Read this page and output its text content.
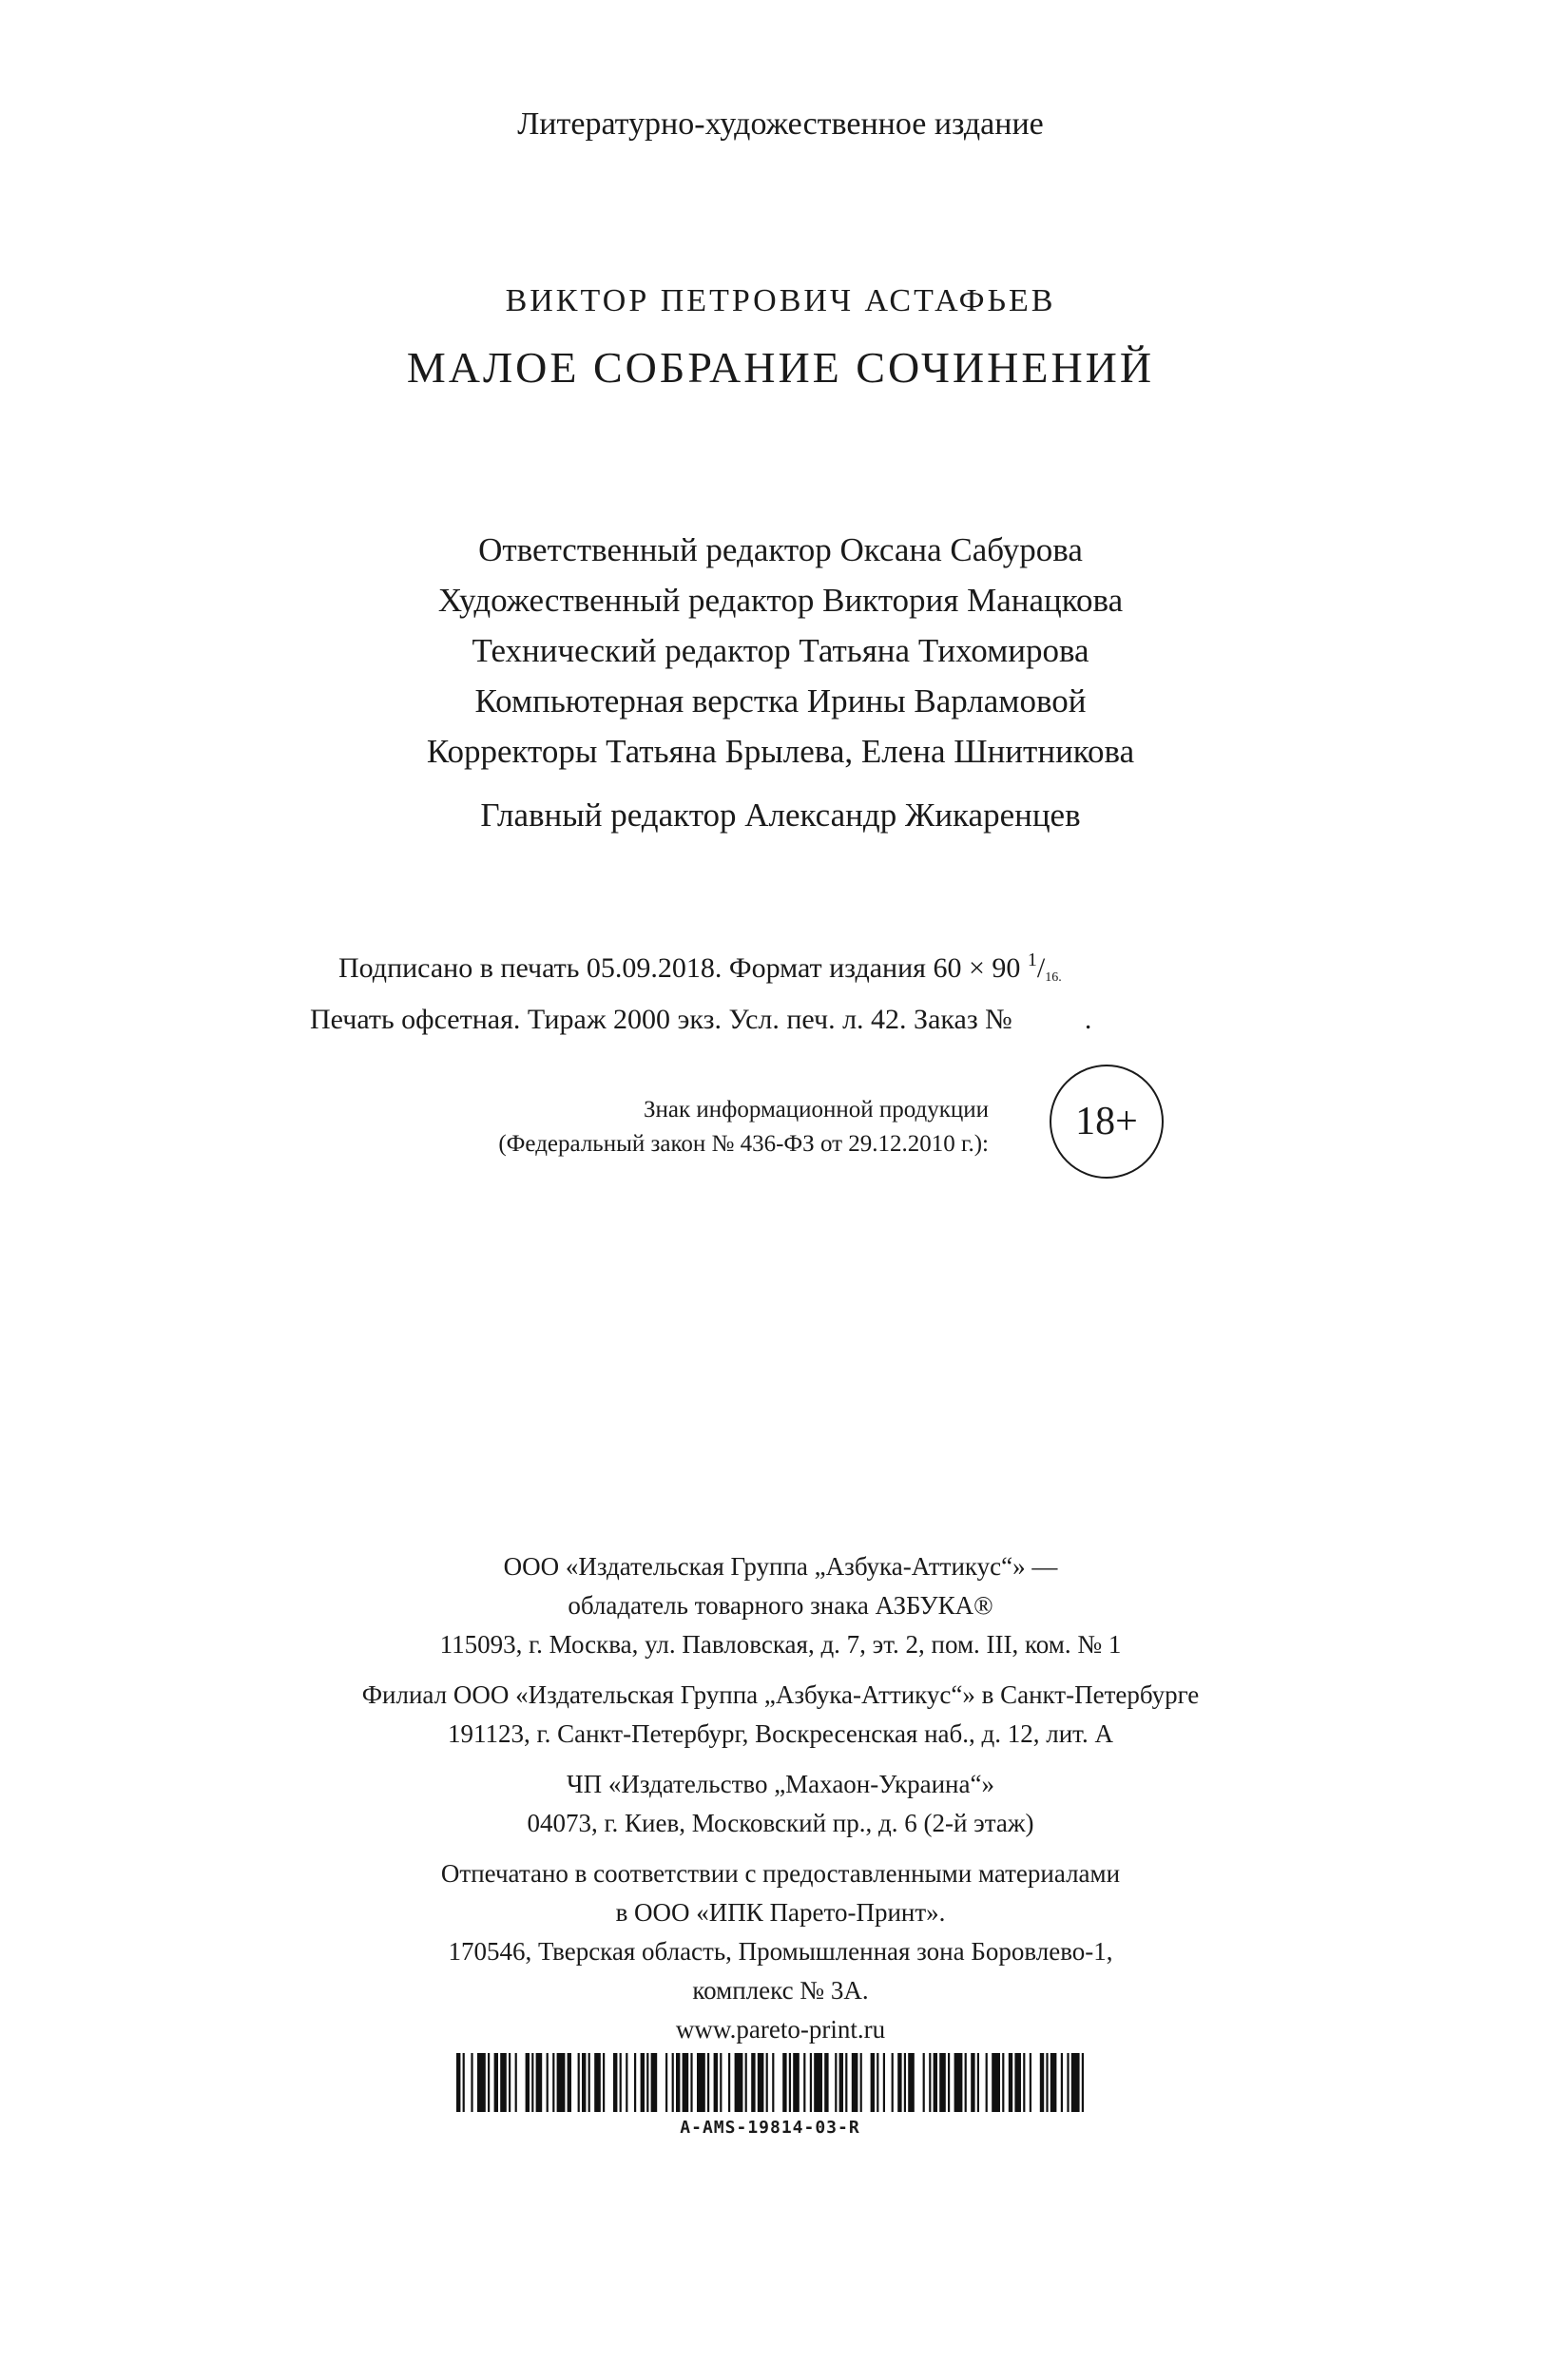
Литературно-художественное издание
ВИКТОР ПЕТРОВИЧ АСТАФЬЕВ
МАЛОЕ СОБРАНИЕ СОЧИНЕНИЙ
Ответственный редактор Оксана Сабурова
Художественный редактор Виктория Манацкова
Технический редактор Татьяна Тихомирова
Компьютерная верстка Ирины Варламовой
Корректоры Татьяна Брылева, Елена Шнитникова
Главный редактор Александр Жикаренцев
Подписано в печать 05.09.2018. Формат издания 60 × 90 $^1/_{16.}$
Печать офсетная. Тираж 2000 экз. Усл. печ. л. 42. Заказ №	.
Знак информационной продукции
(Федеральный закон № 436-ФЗ от 29.12.2010 г.):
18+
ООО «Издательская Группа „Азбука-Аттикус“» —
обладатель товарного знака АЗБУКА®
115093, г. Москва, ул. Павловская, д. 7, эт. 2, пом. III, ком. № 1
Филиал ООО «Издательская Группа „Азбука-Аттикус“» в Санкт-Петербурге
191123, г. Санкт-Петербург, Воскресенская наб., д. 12, лит. А
ЧП «Издательство „Махаон-Украина“»
04073, г. Киев, Московский пр., д. 6 (2-й этаж)
Отпечатано в соответствии с предоставленными материалами
в ООО «ИПК Парето-Принт».
170546, Тверская область, Промышленная зона Боровлево-1,
комплекс № 3А.
www.pareto-print.ru
A-AMS-19814-03-R
